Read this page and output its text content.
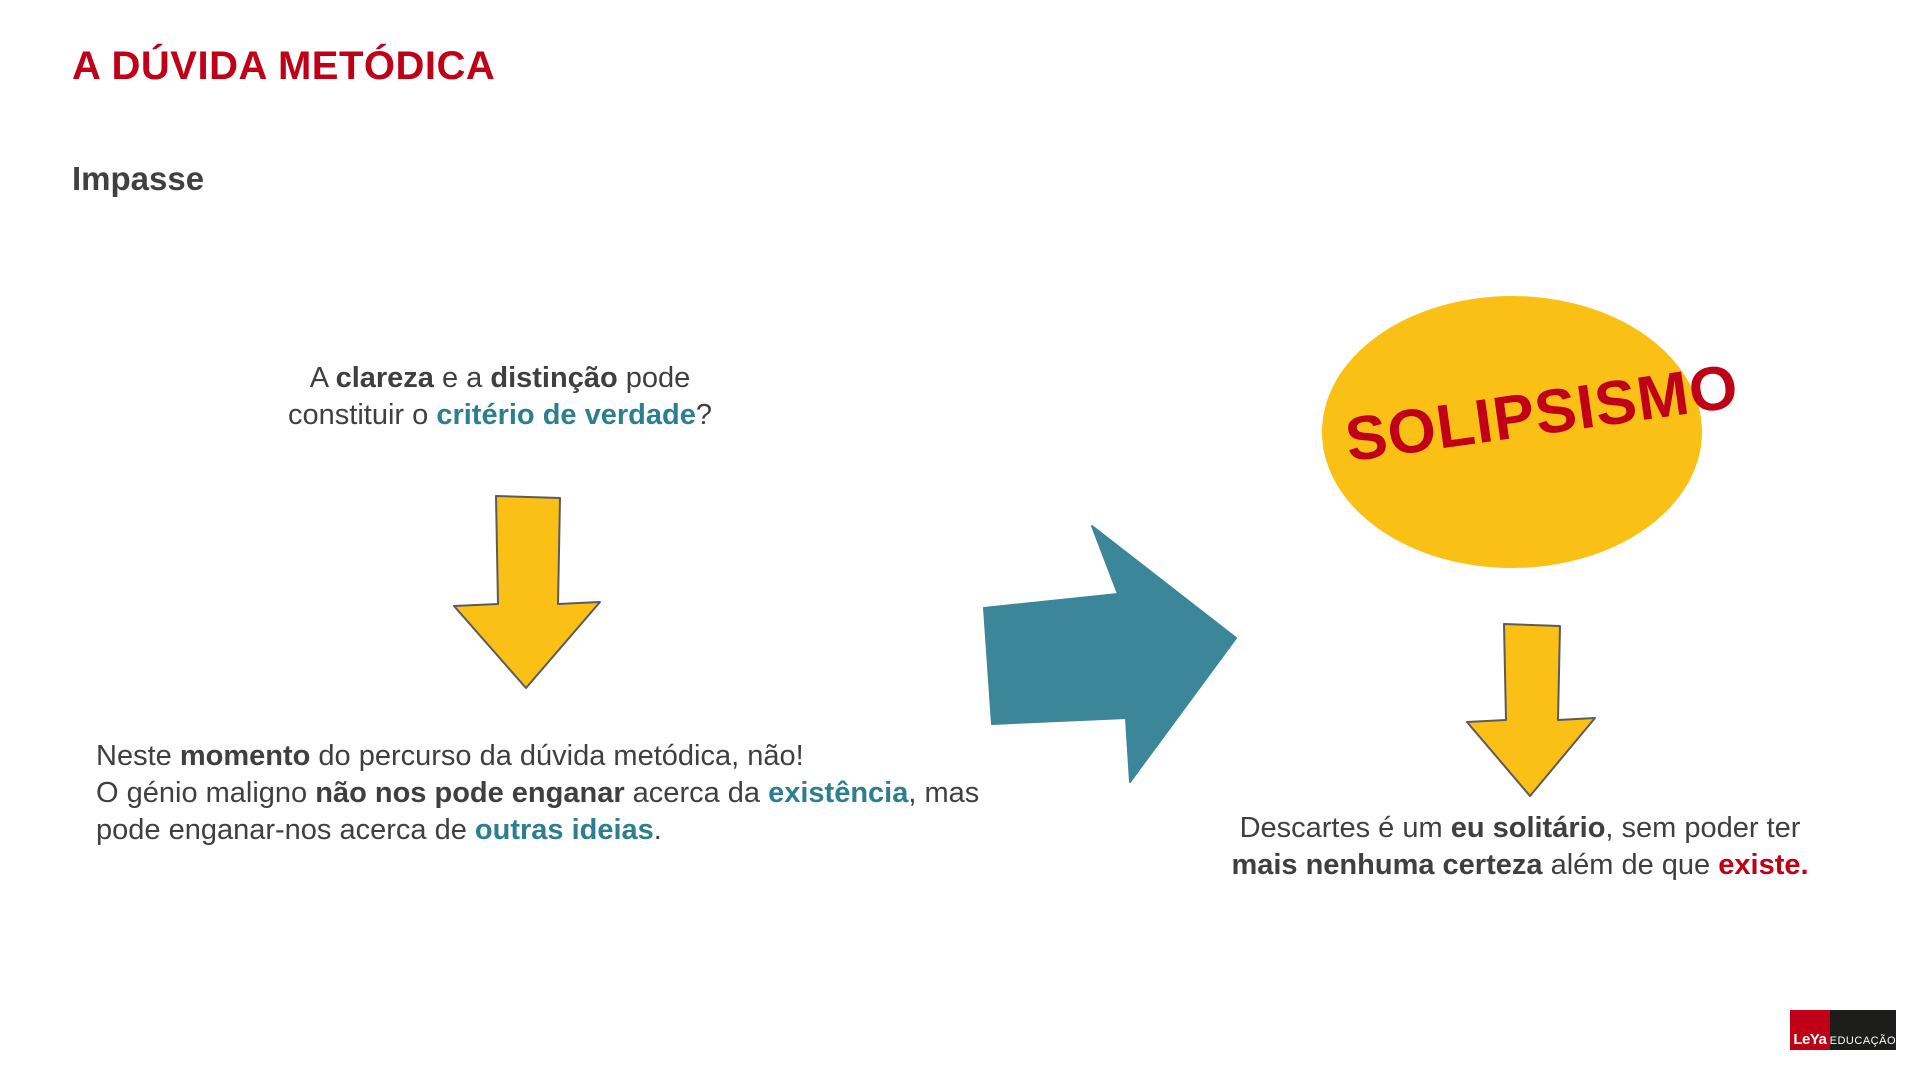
A DÚVIDA METÓDICA
Impasse
A clareza e a distinção pode
constituir o critério de verdade?
Neste momento do percurso da dúvida metódica, não!
O génio maligno não nos pode enganar acerca da existência, mas pode enganar-nos acerca de outras ideias.
SOLIPSISMO
Descartes é um eu solitário, sem poder ter mais nenhuma certeza além de que existe.
LeYa EDUCAÇÃO
